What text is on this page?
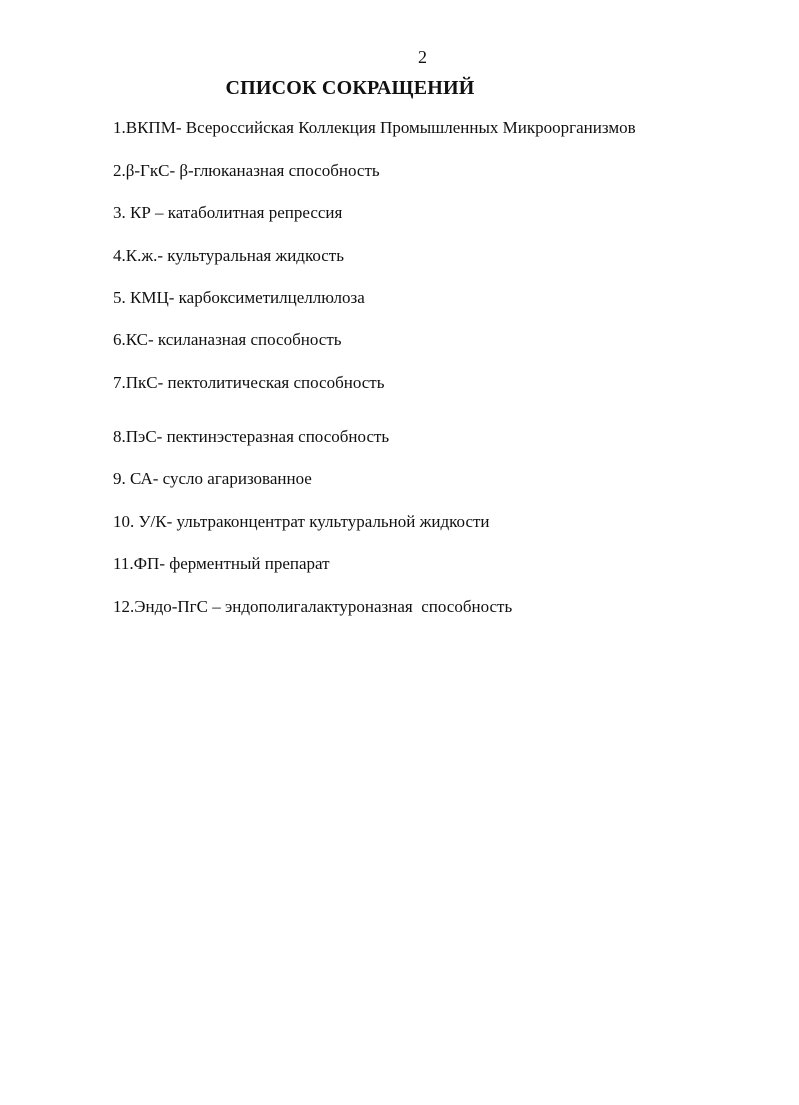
2
СПИСОК СОКРАЩЕНИЙ
1.ВКПМ- Всероссийская Коллекция Промышленных Микроорганизмов
2.β-ГкС- β-глюканазная способность
3. КР – катаболитная репрессия
4.К.ж.- культуральная жидкость
5. КМЦ- карбоксиметилцеллюлоза
6.КС- ксиланазная способность
7.ПкС- пектолитическая способность
8.ПэС- пектинэстеразная способность
9. СА- сусло агаризованное
10. У/К- ультраконцентрат культуральной жидкости
11.ФП- ферментный препарат
12.Эндо-ПгС – эндополигалактуроназная  способность
